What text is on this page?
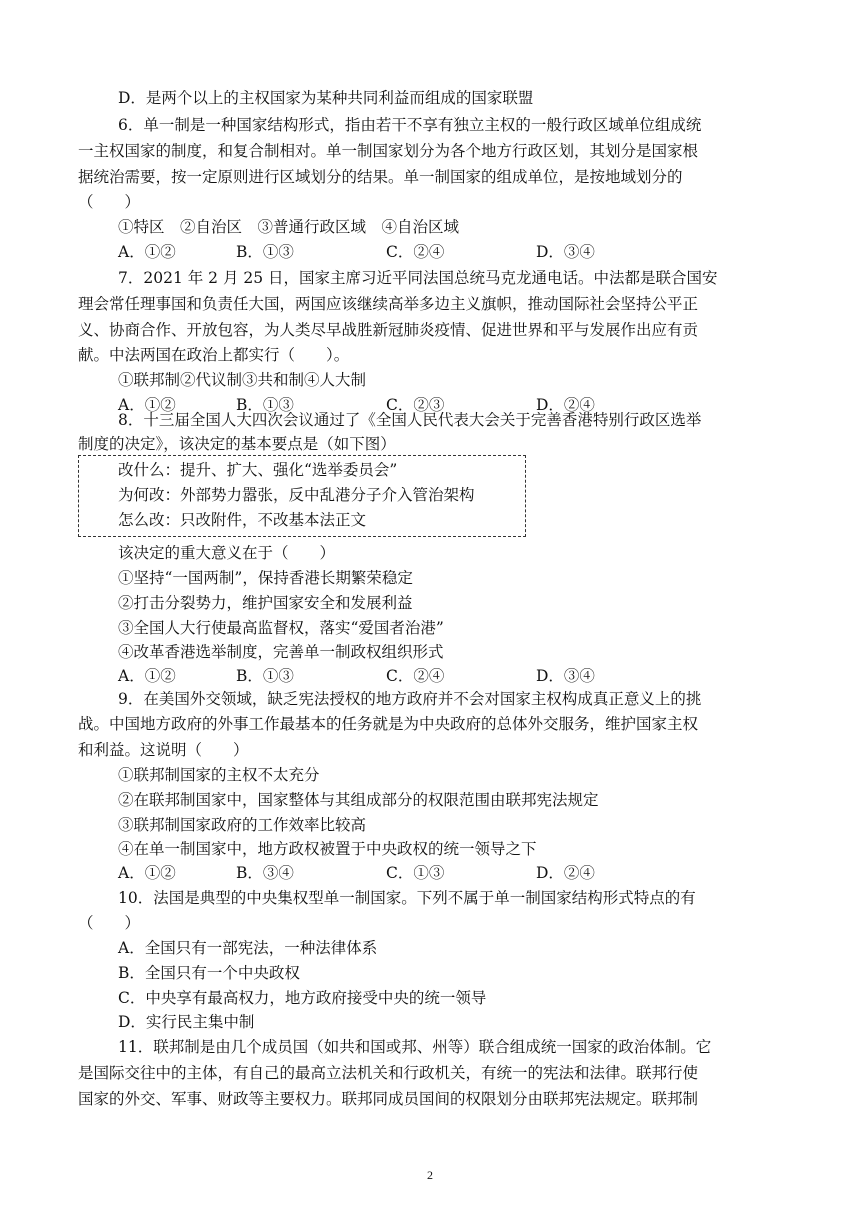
D．是两个以上的主权国家为某种共同利益而组成的国家联盟
6．单一制是一种国家结构形式，指由若干不享有独立主权的一般行政区域单位组成统
一主权国家的制度，和复合制相对。单一制国家划分为各个地方行政区划，其划分是国家根
据统治需要，按一定原则进行区域划分的结果。单一制国家的组成单位，是按地域划分的
（　　）
①特区　②自治区　③普通行政区域　④自治区域
A．①②	B．①③	C．②④	D．③④
7．2021 年 2 月 25 日，国家主席习近平同法国总统马克龙通电话。中法都是联合国安
理会常任理事国和负责任大国，两国应该继续高举多边主义旗帜，推动国际社会坚持公平正
义、协商合作、开放包容，为人类尽早战胜新冠肺炎疫情、促进世界和平与发展作出应有贡
献。中法两国在政治上都实行（　　）。
①联邦制②代议制③共和制④人大制
A．①②	B．①③	C．②③	D．②④
8．十三届全国人大四次会议通过了《全国人民代表大会关于完善香港特别行政区选举
制度的决定》，该决定的基本要点是（如下图）
改什么：提升、扩大、强化“选举委员会”
为何改：外部势力嚣张，反中乱港分子介入管治架构
怎么改：只改附件，不改基本法正文
该决定的重大意义在于（　　）
①坚持“一国两制”，保持香港长期繁荣稳定
②打击分裂势力，维护国家安全和发展利益
③全国人大行使最高监督权，落实“爱国者治港”
④改革香港选举制度，完善单一制政权组织形式
A．①②	B．①③	C．②④	D．③④
9．在美国外交领域，缺乏宪法授权的地方政府并不会对国家主权构成真正意义上的挑
战。中国地方政府的外事工作最基本的任务就是为中央政府的总体外交服务，维护国家主权
和利益。这说明（　　）
①联邦制国家的主权不太充分
②在联邦制国家中，国家整体与其组成部分的权限范围由联邦宪法规定
③联邦制国家政府的工作效率比较高
④在单一制国家中，地方政权被置于中央政权的统一领导之下
A．①②	B．③④	C．①③	D．②④
10．法国是典型的中央集权型单一制国家。下列不属于单一制国家结构形式特点的有
（　　）
A．全国只有一部宪法，一种法律体系
B．全国只有一个中央政权
C．中央享有最高权力，地方政府接受中央的统一领导
D．实行民主集中制
11．联邦制是由几个成员国（如共和国或邦、州等）联合组成统一国家的政治体制。它
是国际交往中的主体，有自己的最高立法机关和行政机关，有统一的宪法和法律。联邦行使
国家的外交、军事、财政等主要权力。联邦同成员国间的权限划分由联邦宪法规定。联邦制
2
